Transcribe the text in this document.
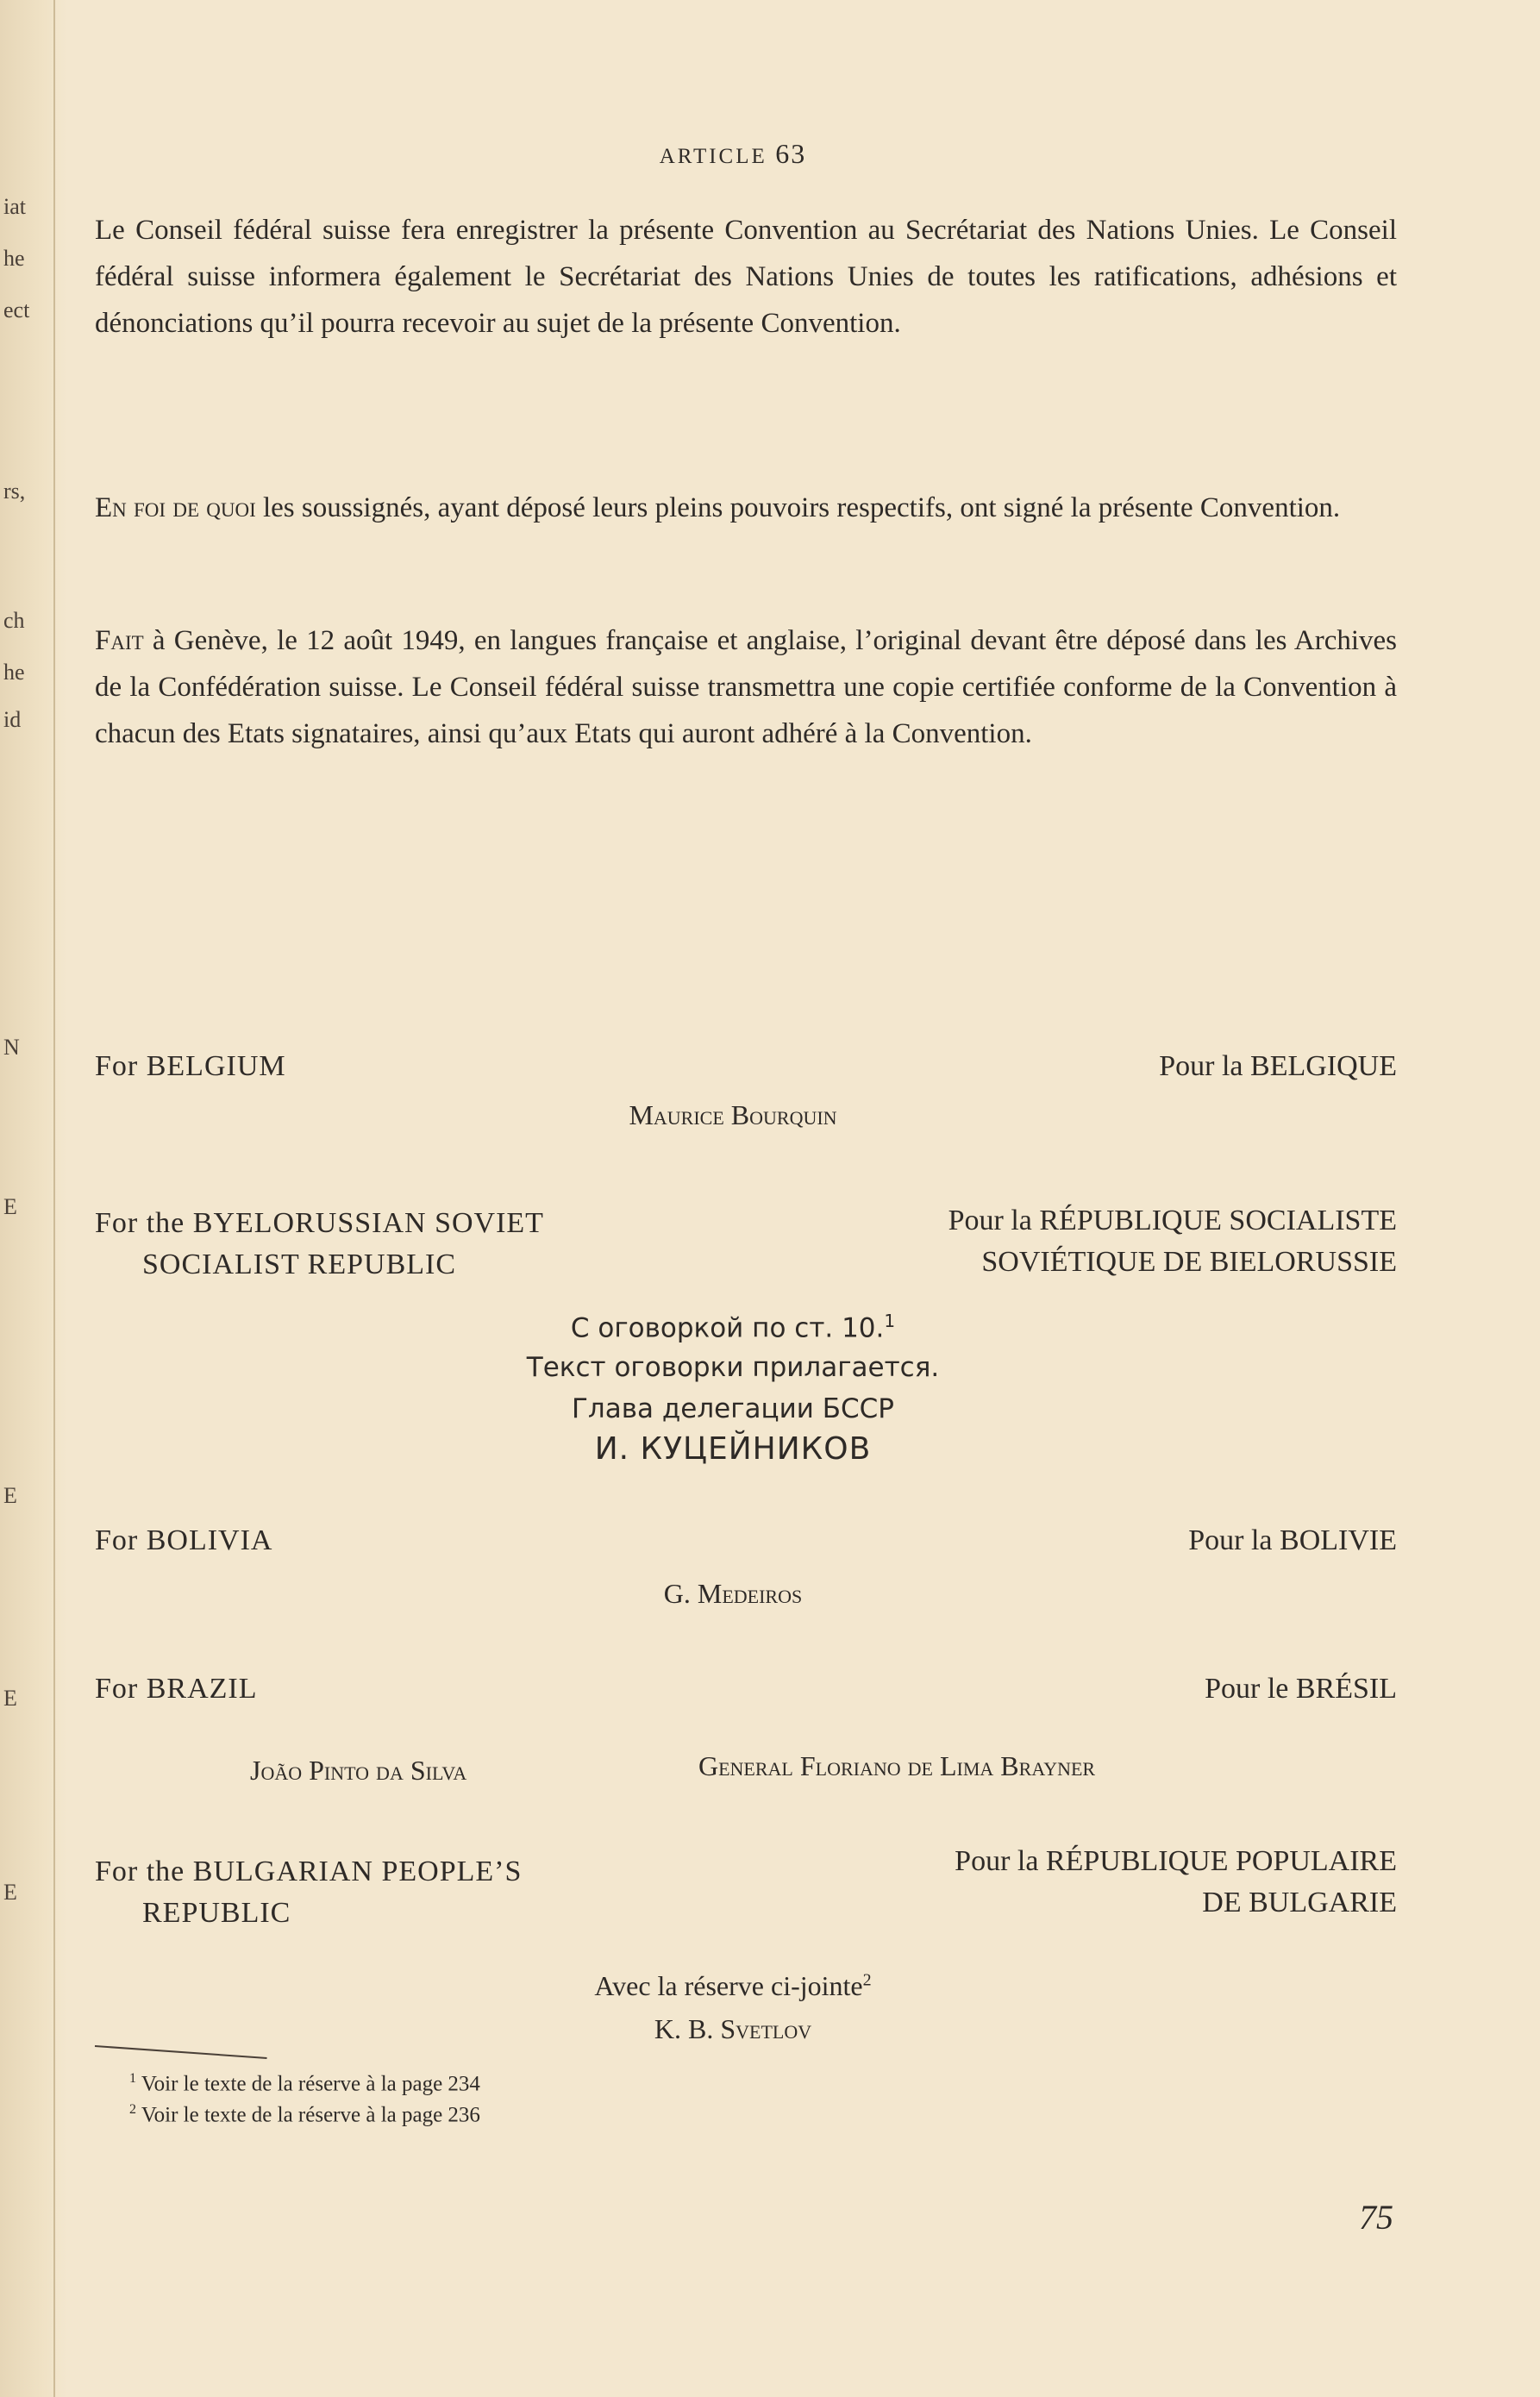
iat
he
ect
rs,
ch
he
id
N
E
E
E
E
ARTICLE 63
Le Conseil fédéral suisse fera enregistrer la présente Convention au Secrétariat des Nations Unies. Le Conseil fédéral suisse informera également le Secrétariat des Nations Unies de toutes les ratifications, adhésions et dénonciations qu’il pourra recevoir au sujet de la présente Convention.
En foi de quoi les soussignés, ayant déposé leurs pleins pouvoirs respectifs, ont signé la présente Convention.
Fait à Genève, le 12 août 1949, en langues française et anglaise, l’original devant être déposé dans les Archives de la Confédération suisse. Le Conseil fédéral suisse transmettra une copie certifiée conforme de la Convention à chacun des Etats signataires, ainsi qu’aux Etats qui auront adhéré à la Convention.
For BELGIUM	Pour la BELGIQUE
Maurice Bourquin
For the BYELORUSSIAN SOVIET
SOCIALIST REPUBLIC
Pour la RÉPUBLIQUE SOCIALISTE
SOVIÉTIQUE DE BIELORUSSIE
С оговоркой по ст. 10.$^1$
Текст оговорки прилагается.
Глава делегации БССР
И. КУЦЕЙНИКОВ
For BOLIVIA	Pour la BOLIVIE
G. Medeiros
For BRAZIL	Pour le BRÉSIL
João Pinto da Silva	General Floriano de Lima Brayner
For the BULGARIAN PEOPLE’S
REPUBLIC
Pour la RÉPUBLIQUE POPULAIRE
DE BULGARIE
Avec la réserve ci-jointe$^2$
K. B. Svetlov
$^1$ Voir le texte de la réserve à la page 234
$^2$ Voir le texte de la réserve à la page 236
75
